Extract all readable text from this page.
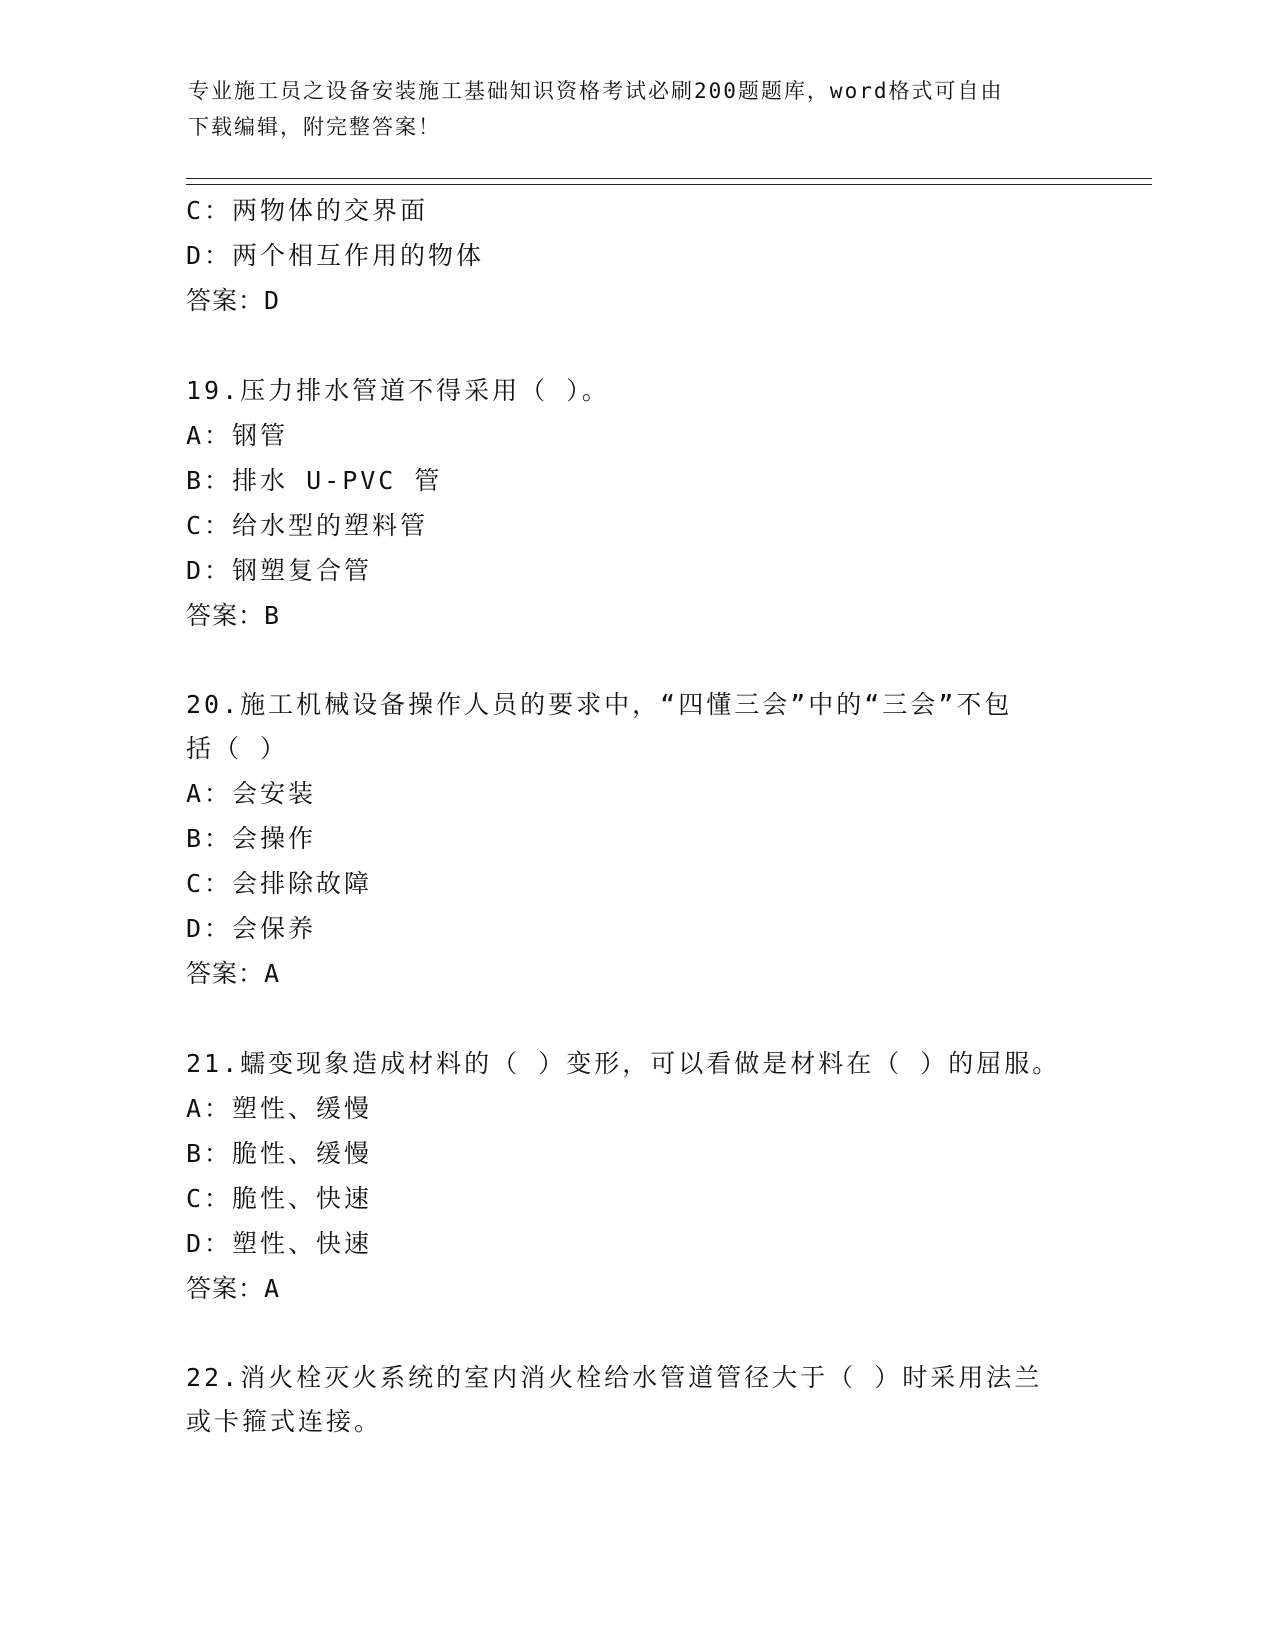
专业施工员之设备安装施工基础知识资格考试必刷200题题库，word格式可自由
下载编辑，附完整答案！
C：两物体的交界面
D：两个相互作用的物体
答案：D
19.压力排水管道不得采用（ ）。
A：钢管
B：排水 U-PVC 管
C：给水型的塑料管
D：钢塑复合管
答案：B
20.施工机械设备操作人员的要求中，“四懂三会”中的“三会”不包
括（ ）
A：会安装
B：会操作
C：会排除故障
D：会保养
答案：A
21.蠕变现象造成材料的（ ）变形，可以看做是材料在（ ）的屈服。
A：塑性、缓慢
B：脆性、缓慢
C：脆性、快速
D：塑性、快速
答案：A
22.消火栓灭火系统的室内消火栓给水管道管径大于（ ）时采用法兰
或卡箍式连接。
